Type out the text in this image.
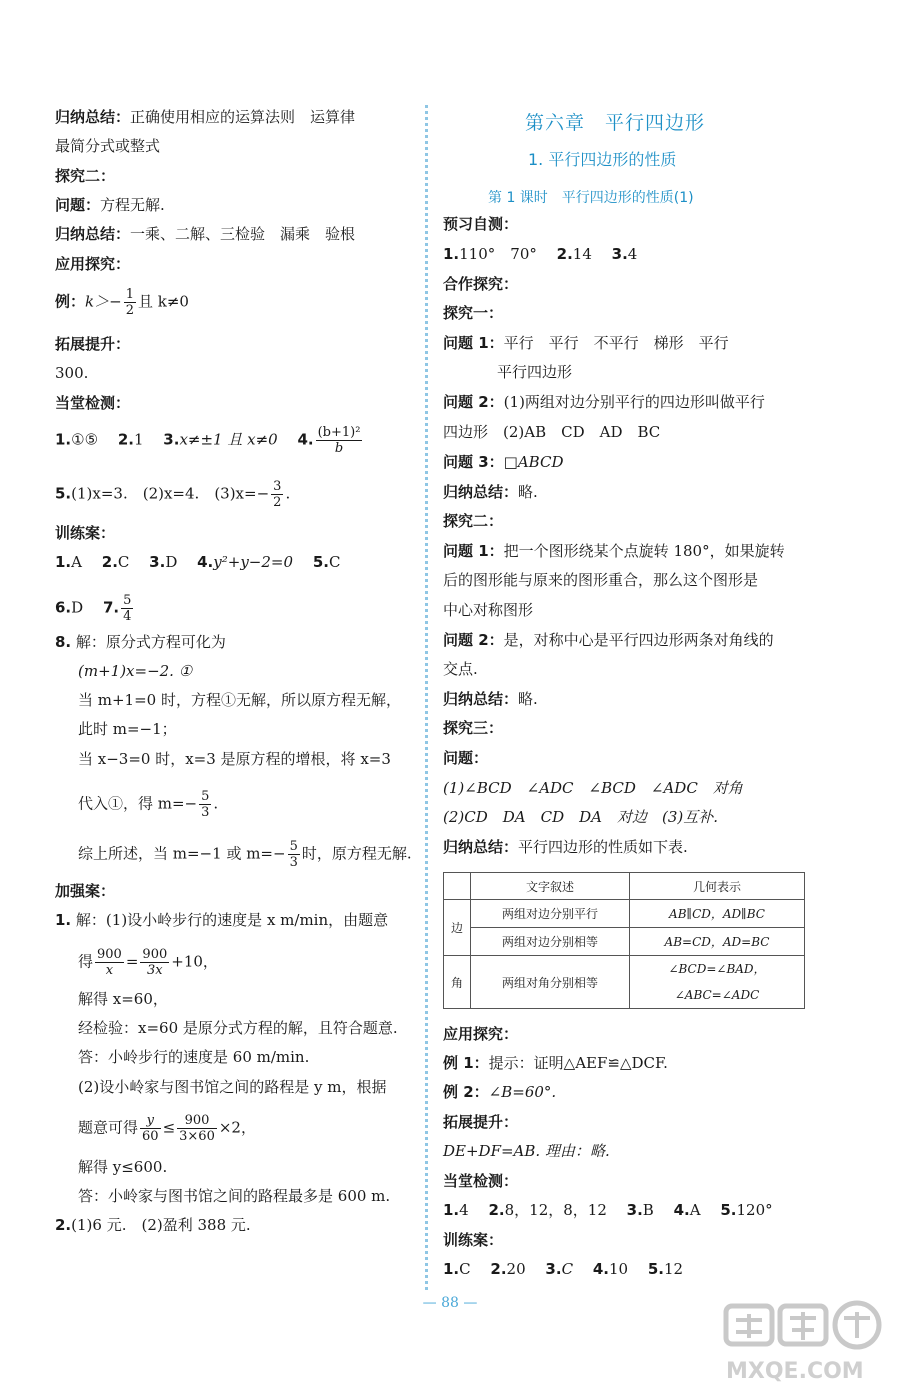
归纳总结：正确使用相应的运算法则　运算律
最简分式或整式
探究二：
问题：方程无解.
归纳总结：一乘、二解、三检验　漏乘　验根
应用探究：
例：$k>- \frac{1}{2}$ 且 k≠0
拓展提升：
300.
当堂检测：
1.①⑤　 2.1　 3.x≠±1 且 x≠0　 4. $\frac{\text{(b+1)²}}{b}$
5.(1)x=3.　(2)x=4.　$(3)x=- \frac{3}{2}$ .
训练案：
1.A　 2.C　 3.D　 4.y²+y−2=0　 5.C
6.D　 7. $\frac{5}{4}$
8. 解：原分式方程可化为
(m+1)x=−2. ①
当 m+1=0 时，方程①无解，所以原方程无解，
此时 m=−1；
当 x−3=0 时，x=3 是原方程的增根，将 x=3
代入①，得 $m=- \frac{5}{3}$ .
综上所述，当 m=−1 或 $m=- \frac{5}{3}$ 时，原方程无解.
加强案：
1. 解：(1)设小岭步行的速度是 x m/min，由题意
得 $\frac{900}{x} = \frac{900}{3x} +10$，
解得 x=60，
经检验：x=60 是原分式方程的解，且符合题意.
答：小岭步行的速度是 60 m/min.
(2)设小岭家与图书馆之间的路程是 y m，根据
题意可得 $\frac{y}{60} \le \frac{900}{3\times 60} \times 2$，
解得 y≤600.
答：小岭家与图书馆之间的路程最多是 600 m.
2.(1)6 元.　(2)盈利 388 元.
第六章　平行四边形
1. 平行四边形的性质
第 1 课时　平行四边形的性质(1)
预习自测：
1.110°　70°　 2.14　 3.4
合作探究：
探究一：
问题 1：平行　平行　不平行　梯形　平行
平行四边形
问题 2：(1)两组对边分别平行的四边形叫做平行
四边形　(2)AB　CD　AD　BC
问题 3：□ABCD
归纳总结：略.
探究二：
问题 1：把一个图形绕某个点旋转 180°，如果旋转
后的图形能与原来的图形重合，那么这个图形是
中心对称图形
问题 2：是，对称中心是平行四边形两条对角线的
交点.
归纳总结：略.
探究三：
问题：
(1)∠BCD　∠ADC　∠BCD　∠ADC　对角
(2)CD　DA　CD　DA　对边　(3)互补.
归纳总结：平行四边形的性质如下表.
	文字叙述	几何表示
边	两组对边分别平行	AB∥CD，AD∥BC
	两组对边分别相等	AB=CD，AD=BC
角	两组对角分别相等	∠BCD=∠BAD，
∠ABC=∠ADC
应用探究：
例 1：提示：证明△AEF≌△DCF.
例 2：∠B=60°.
拓展提升：
DE+DF=AB. 理由：略.
当堂检测：
1.4　 2.8，12，8，12　 3.B　 4.A　 5.120°
训练案：
1.C　 2.20　 3.C　 4.10　 5.12
— 88 —
MXQE.COM
